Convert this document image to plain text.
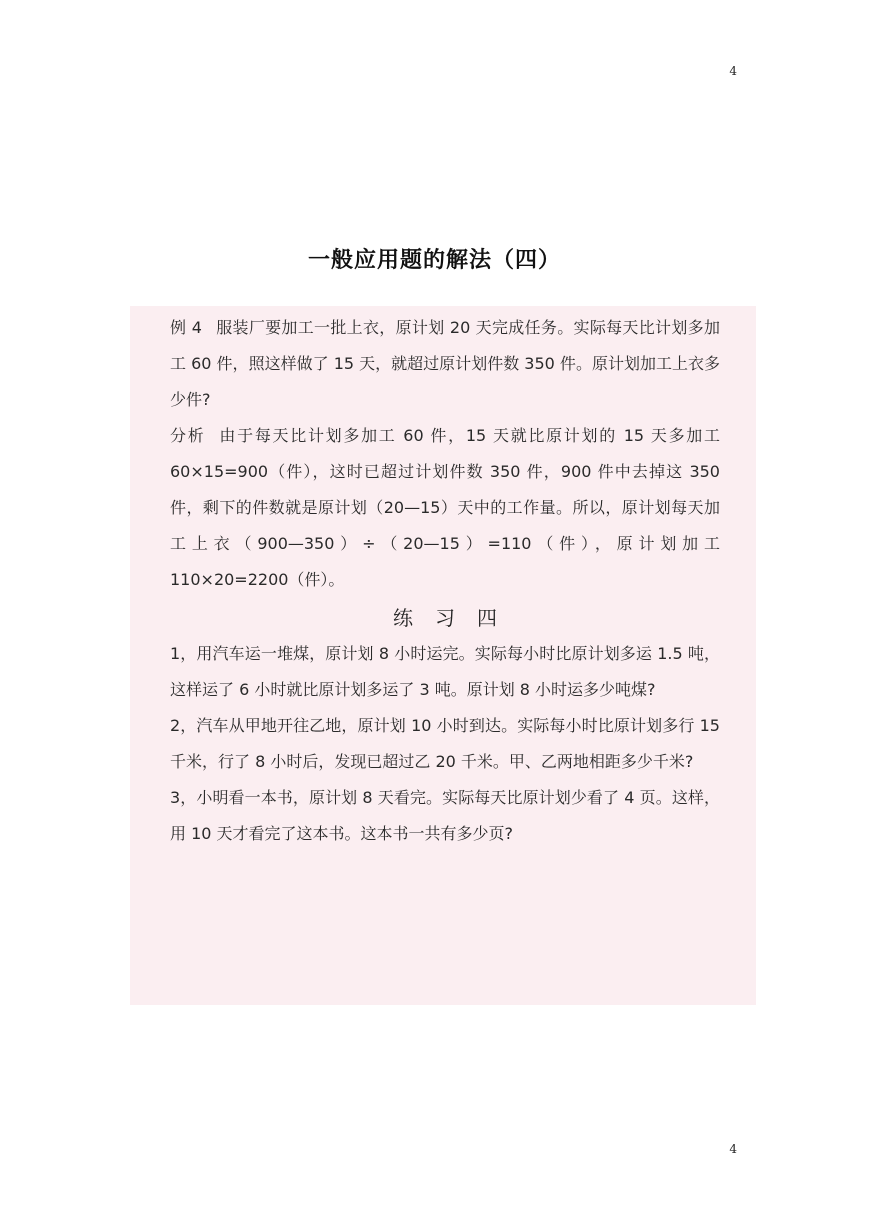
4
一般应用题的解法（四）

例 4 服装厂要加工一批上衣，原计划 20 天完成任务。实际每天比计划多加工 60 件，照这样做了 15 天，就超过原计划件数 350 件。原计划加工上衣多少件?

分析 由于每天比计划多加工 60 件，15 天就比原计划的 15 天多加工 60×15=900（件），这时已超过计划件数 350 件，900 件中去掉这 350 件，剩下的件数就是原计划（20—15）天中的工作量。所以，原计划每天加工上衣（900—350）÷（20—15）=110（件），原计划加工 110×20=2200（件）。

练习四

1，用汽车运一堆煤，原计划 8 小时运完。实际每小时比原计划多运 1.5 吨，这样运了 6 小时就比原计划多运了 3 吨。原计划 8 小时运多少吨煤?

2，汽车从甲地开往乙地，原计划 10 小时到达。实际每小时比原计划多行 15 千米，行了 8 小时后，发现已超过乙 20 千米。甲、乙两地相距多少千米?

3，小明看一本书，原计划 8 天看完。实际每天比原计划少看了 4 页。这样，用 10 天才看完了这本书。这本书一共有多少页?

4
